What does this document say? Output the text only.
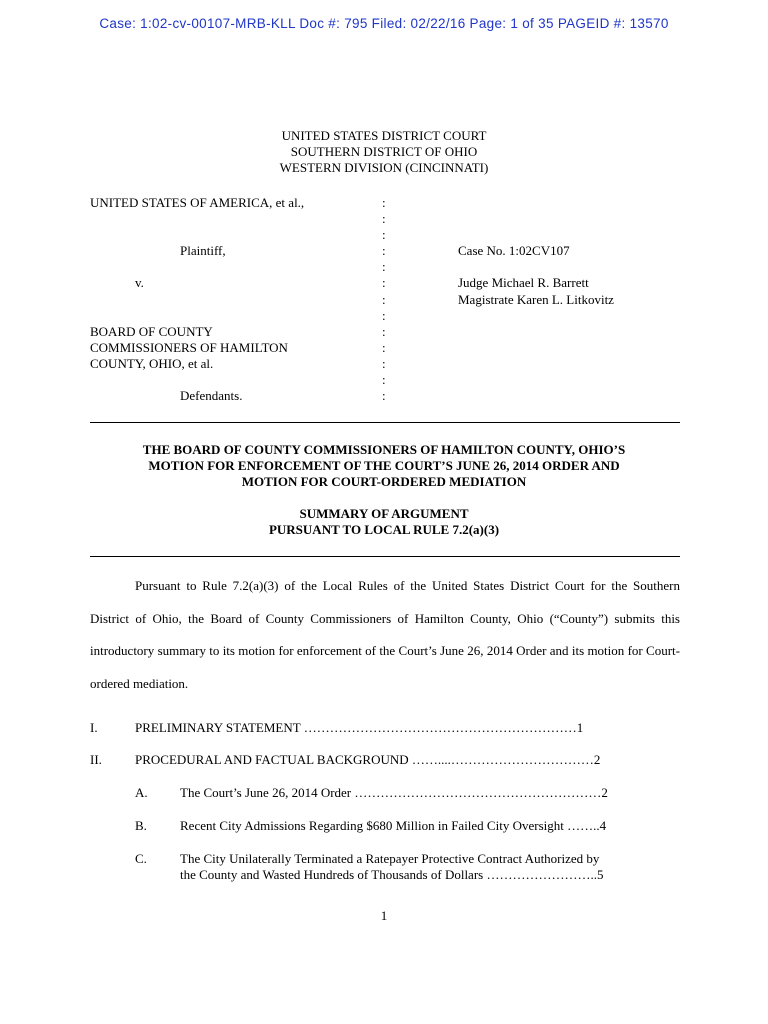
Case: 1:02-cv-00107-MRB-KLL Doc #: 795 Filed: 02/22/16 Page: 1 of 35 PAGEID #: 13570
UNITED STATES DISTRICT COURT
SOUTHERN DISTRICT OF OHIO
WESTERN DIVISION (CINCINNATI)
UNITED STATES OF AMERICA, et al.,	:
:
:
Plaintiff,	:	Case No. 1:02CV107
:
v.	:	Judge Michael R. Barrett
:	Magistrate Karen L. Litkovitz
:
BOARD OF COUNTY	:
COMMISSIONERS OF HAMILTON	:
COUNTY, OHIO, et al.	:
:
Defendants.	:
THE BOARD OF COUNTY COMMISSIONERS OF HAMILTON COUNTY, OHIO’S
MOTION FOR ENFORCEMENT OF THE COURT’S JUNE 26, 2014 ORDER AND
MOTION FOR COURT-ORDERED MEDIATION
SUMMARY OF ARGUMENT
PURSUANT TO LOCAL RULE 7.2(a)(3)
Pursuant to Rule 7.2(a)(3) of the Local Rules of the United States District Court for the Southern District of Ohio, the Board of County Commissioners of Hamilton County, Ohio (“County”) submits this introductory summary to its motion for enforcement of the Court’s June 26, 2014 Order and its motion for Court-ordered mediation.
I.	PRELIMINARY STATEMENT ………………………………………………………1
II.	PROCEDURAL AND FACTUAL BACKGROUND ……....……………………………2
A. The Court’s June 26, 2014 Order …………………………………………………2
B.	Recent City Admissions Regarding $680 Million in Failed City Oversight ……..4
C.	The City Unilaterally Terminated a Ratepayer Protective Contract Authorized by
the County and Wasted Hundreds of Thousands of Dollars ……………………..5
1
